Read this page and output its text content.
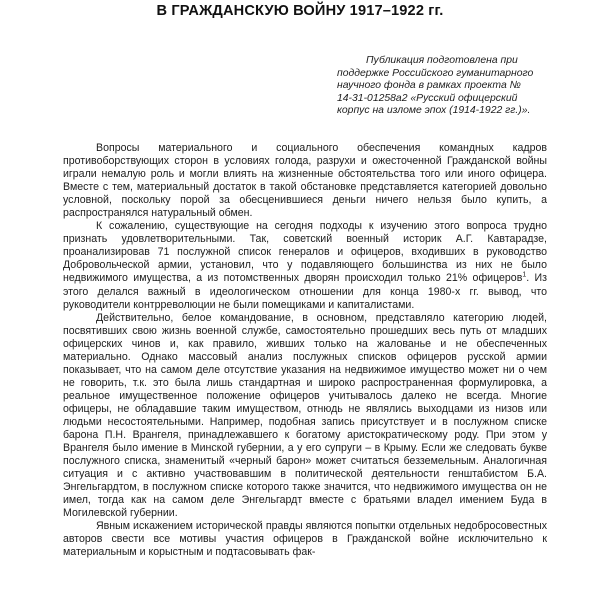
В ГРАЖДАНСКУЮ ВОЙНУ 1917–1922 гг.
Публикация подготовлена при
поддержке Российского гуманитарного
научного фонда в рамках проекта №
14-31-01258а2 «Русский офицерский
корпус на изломе эпох (1914-1922 гг.)».

Вопросы материального и социального обеспечения командных кадров противоборствующих сторон в условиях голода, разрухи и ожесточенной Гражданской войны играли немалую роль и могли влиять на жизненные обстоятельства того или иного офицера. Вместе с тем, материальный достаток в такой обстановке представляется категорией довольно условной, поскольку порой за обесценившиеся деньги ничего нельзя было купить, а распространялся натуральный обмен.

К сожалению, существующие на сегодня подходы к изучению этого вопроса трудно признать удовлетворительными. Так, советский военный историк А.Г. Кавтарадзе, проанализировав 71 послужной список генералов и офицеров, входивших в руководство Добровольческой армии, установил, что у подавляющего большинства из них не было недвижимого имущества, а из потомственных дворян происходил только 21% офицеров$^1$. Из этого делался важный в идеологическом отношении для конца 1980-х гг. вывод, что руководители контрреволюции не были помещиками и капиталистами.

Действительно, белое командование, в основном, представляло категорию людей, посвятивших свою жизнь военной службе, самостоятельно прошедших весь путь от младших офицерских чинов и, как правило, живших только на жалованье и не обеспеченных материально. Однако массовый анализ послужных списков офицеров русской армии показывает, что на самом деле отсутствие указания на недвижимое имущество может ни о чем не говорить, т.к. это была лишь стандартная и широко распространенная формулировка, а реальное имущественное положение офицеров учитывалось далеко не всегда. Многие офицеры, не обладавшие таким имуществом, отнюдь не являлись выходцами из низов или людьми несостоятельными. Например, подобная запись присутствует и в послужном списке барона П.Н. Врангеля, принадлежавшего к богатому аристократическому роду. При этом у Врангеля было имение в Минской губернии, а у его супруги – в Крыму. Если же следовать букве послужного списка, знаменитый «черный барон» может считаться безземельным. Аналогичная ситуация и с активно участвовавшим в политической деятельности генштабистом Б.А. Энгельгардтом, в послужном списке которого также значится, что недвижимого имущества он не имел, тогда как на самом деле Энгельгардт вместе с братьями владел имением Буда в Могилевской губернии.

Явным искажением исторической правды являются попытки отдельных недобросовестных авторов свести все мотивы участия офицеров в Гражданской войне исключительно к материальным и корыстным и подтасовывать фак-
